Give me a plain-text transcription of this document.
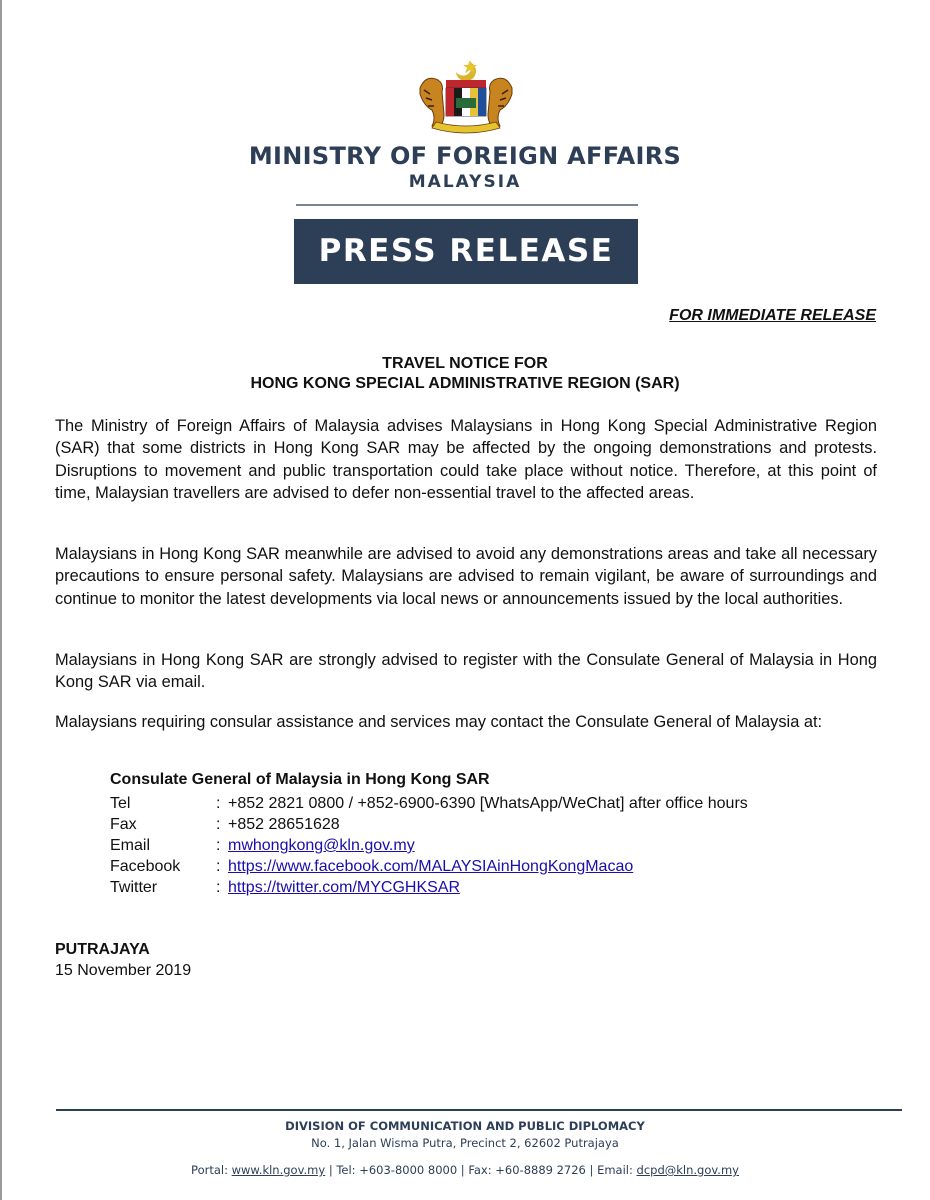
MINISTRY OF FOREIGN AFFAIRS
MALAYSIA
PRESS RELEASE
FOR IMMEDIATE RELEASE
TRAVEL NOTICE FOR
HONG KONG SPECIAL ADMINISTRATIVE REGION (SAR)

The Ministry of Foreign Affairs of Malaysia advises Malaysians in Hong Kong Special Administrative Region (SAR) that some districts in Hong Kong SAR may be affected by the ongoing demonstrations and protests. Disruptions to movement and public transportation could take place without notice. Therefore, at this point of time, Malaysian travellers are advised to defer non-essential travel to the affected areas.

Malaysians in Hong Kong SAR meanwhile are advised to avoid any demonstrations areas and take all necessary precautions to ensure personal safety. Malaysians are advised to remain vigilant, be aware of surroundings and continue to monitor the latest developments via local news or announcements issued by the local authorities.

Malaysians in Hong Kong SAR are strongly advised to register with the Consulate General of Malaysia in Hong Kong SAR via email.

Malaysians requiring consular assistance and services may contact the Consulate General of Malaysia at:

Consulate General of Malaysia in Hong Kong SAR
Tel	: +852 2821 0800 / +852-6900-6390 [WhatsApp/WeChat] after office hours
Fax	: +852 28651628
Email	: mwhongkong@kln.gov.my
Facebook : https://www.facebook.com/MALAYSIAinHongKongMacao
Twitter	: https://twitter.com/MYCGHKSAR
PUTRAJAYA
15 November 2019
DIVISION OF COMMUNICATION AND PUBLIC DIPLOMACY
No. 1, Jalan Wisma Putra, Precinct 2, 62602 Putrajaya
Portal: www.kln.gov.my | Tel: +603-8000 8000 | Fax: +60-8889 2726 | Email: dcpd@kln.gov.my
